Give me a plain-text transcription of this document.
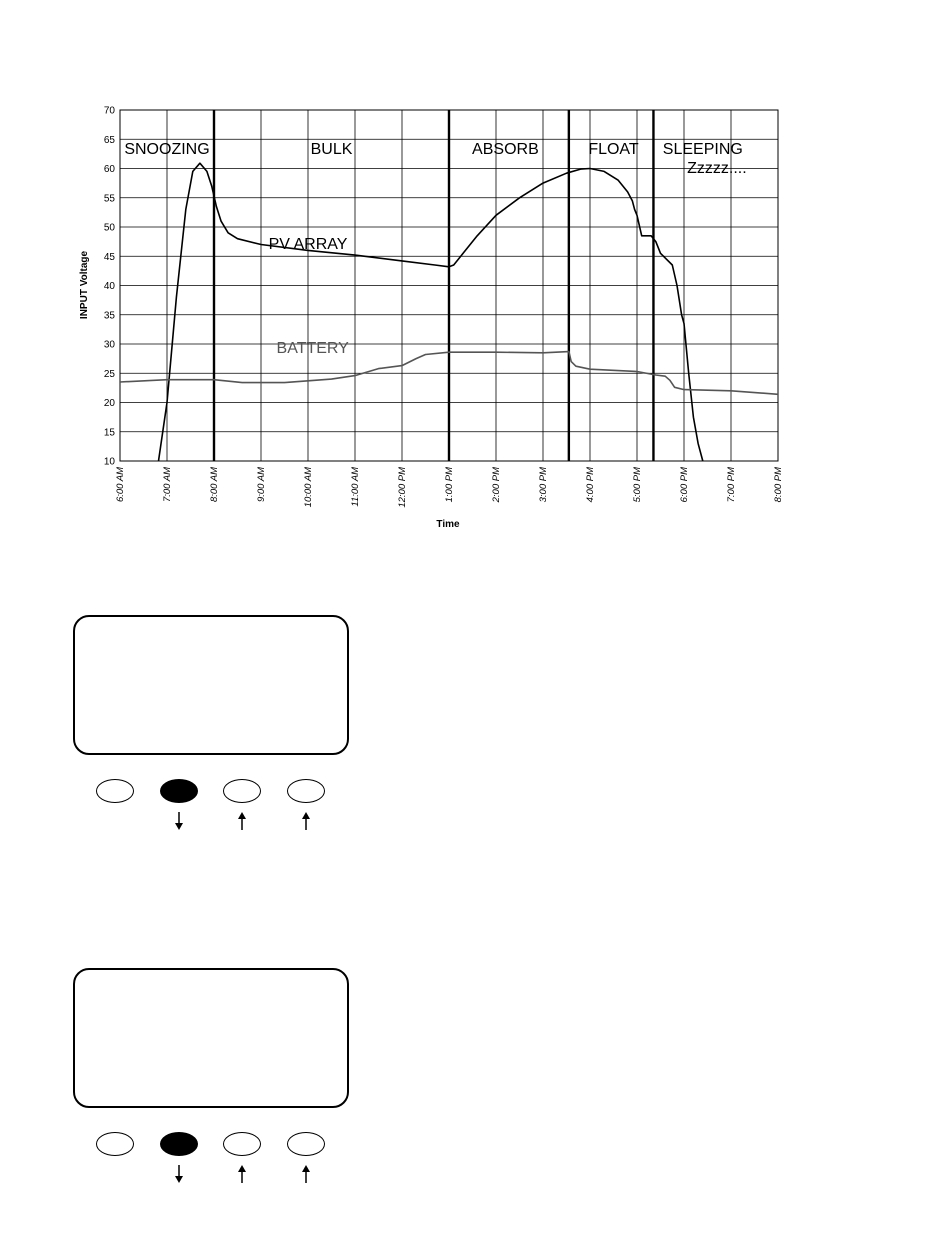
10
15
20
25
30
35
40
45
50
55
60
65
70
6:00 AM	7:00 AM	8:00 AM	9:00 AM	10:00 AM	11:00 AM	12:00 PM	1:00 PM	2:00 PM	3:00 PM	4:00 PM	5:00 PM	6:00 PM	7:00 PM	8:00 PM
SNOOZING	BULK	ABSORB	FLOAT SLEEPING
Zzzzz....
PV ARRAY
BATTERY
Time
INPUT Voltage
